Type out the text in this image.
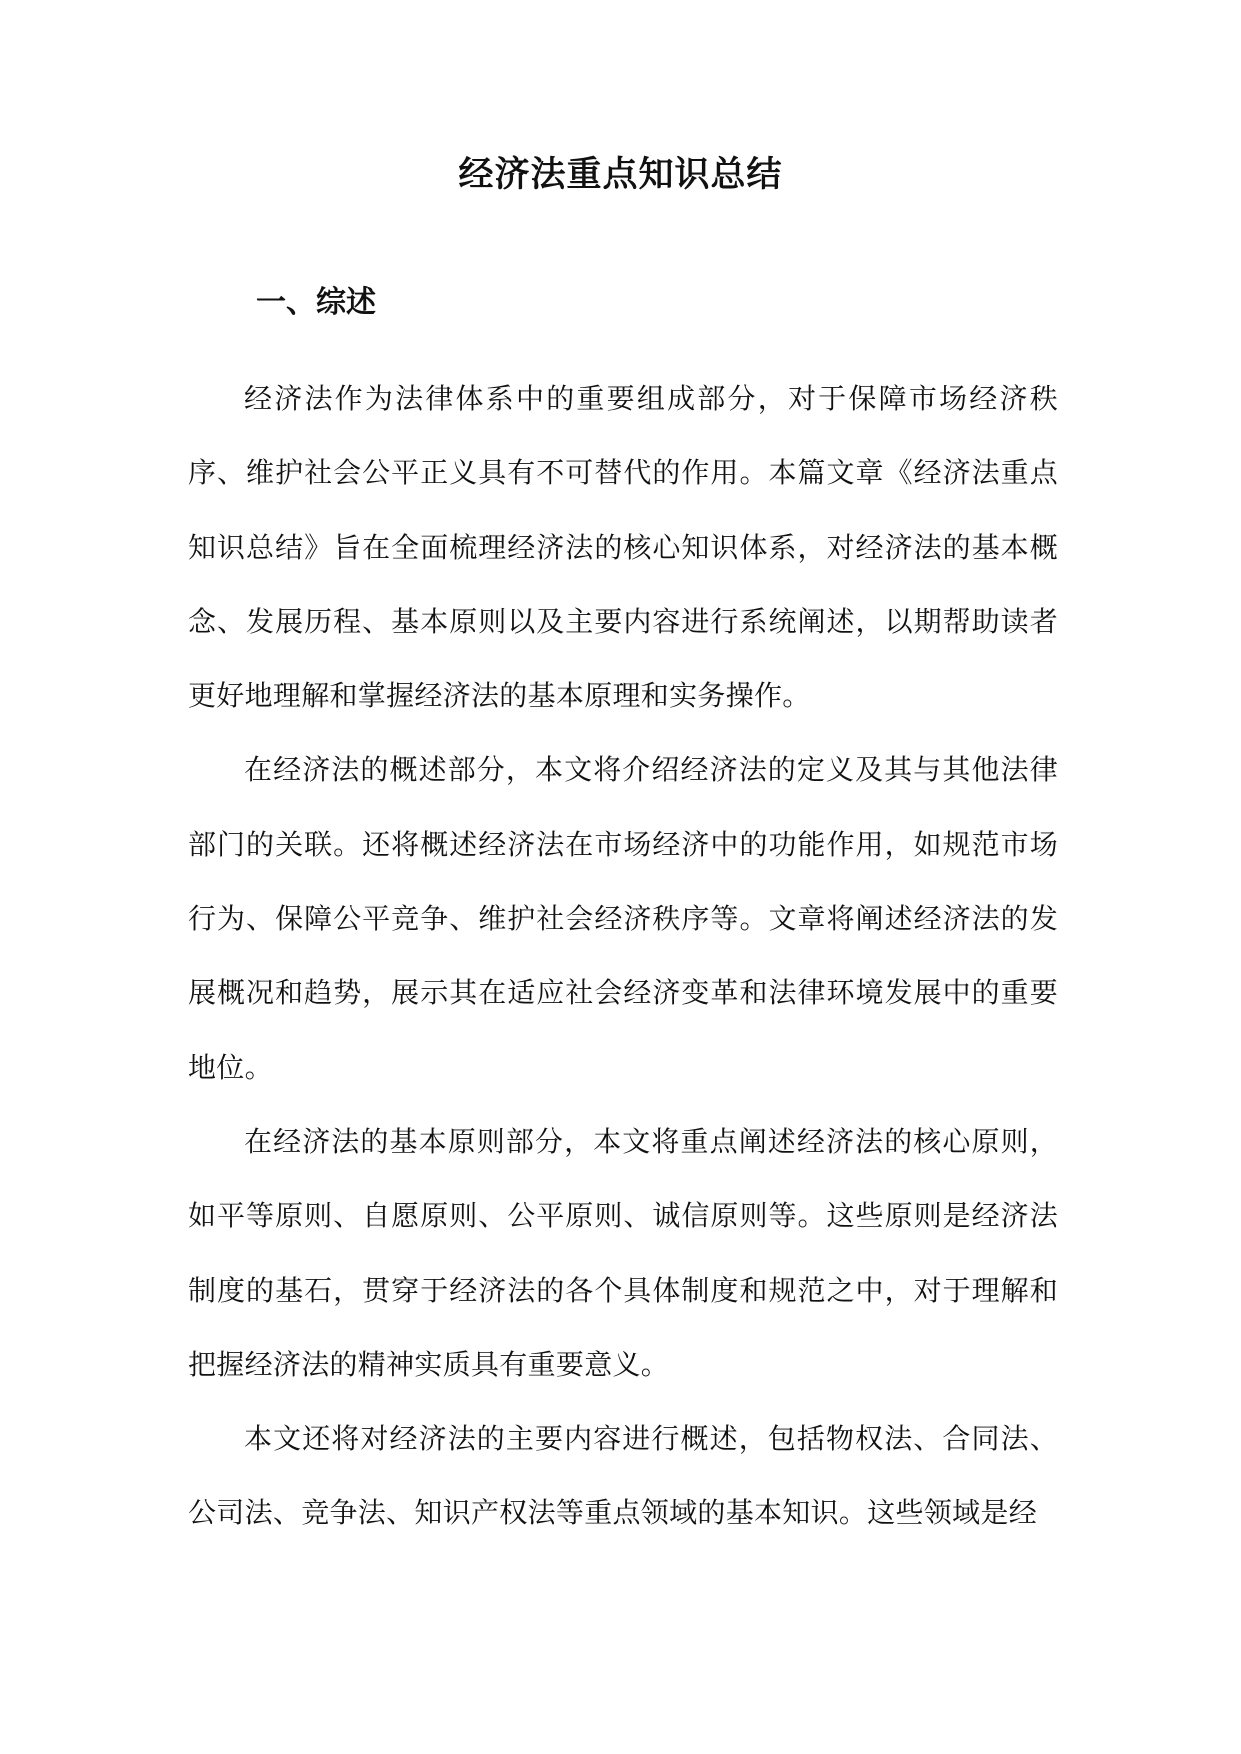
经济法重点知识总结
一、综述

经济法作为法律体系中的重要组成部分，对于保障市场经济秩序、维护社会公平正义具有不可替代的作用。本篇文章《经济法重点知识总结》旨在全面梳理经济法的核心知识体系，对经济法的基本概念、发展历程、基本原则以及主要内容进行系统阐述，以期帮助读者更好地理解和掌握经济法的基本原理和实务操作。

在经济法的概述部分，本文将介绍经济法的定义及其与其他法律部门的关联。还将概述经济法在市场经济中的功能作用，如规范市场行为、保障公平竞争、维护社会经济秩序等。文章将阐述经济法的发展概况和趋势，展示其在适应社会经济变革和法律环境发展中的重要地位。

在经济法的基本原则部分，本文将重点阐述经济法的核心原则，如平等原则、自愿原则、公平原则、诚信原则等。这些原则是经济法制度的基石，贯穿于经济法的各个具体制度和规范之中，对于理解和把握经济法的精神实质具有重要意义。

本文还将对经济法的主要内容进行概述，包括物权法、合同法、公司法、竞争法、知识产权法等重点领域的基本知识。这些领域是经
